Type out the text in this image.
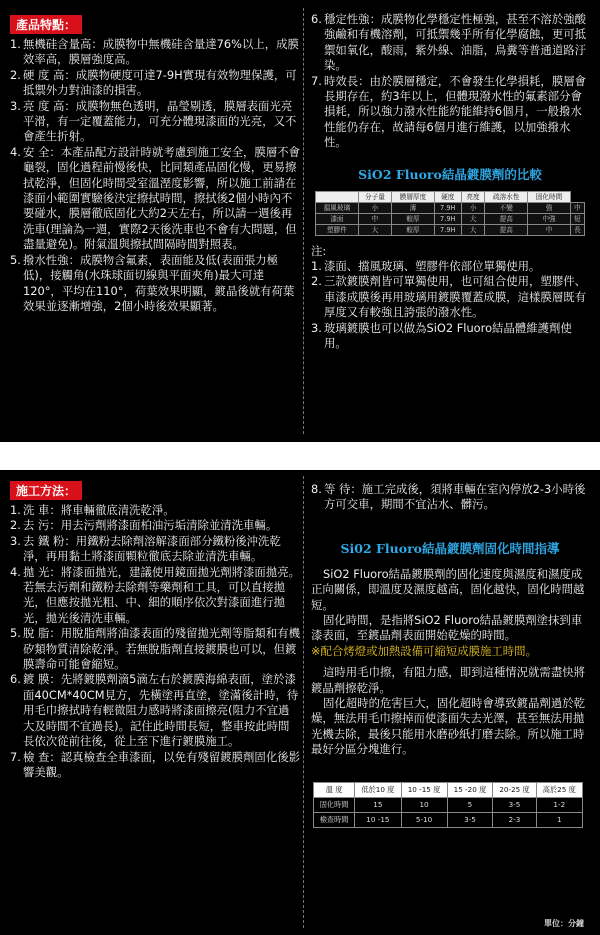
產品特點：
1. 無機硅含量高：成膜物中無機硅含量達76%以上，成膜效率高，膜層強度高。
2. 硬 度 高：成膜物硬度可達7-9H實現有效物理保護，可抵禦外力對油漆的損害。
3. 亮 度 高：成膜物無色透明，晶瑩剔透，膜層表面光亮平滑，有一定覆蓋能力，可充分體現漆面的光亮，又不會產生折射。
4. 安 全：本產品配方設計時就考慮到施工安全，膜層不會龜裂，固化過程前慢後快，比同類產品固化慢，更易擦拭乾淨，但固化時間受室溫溼度影響，所以施工前請在漆面小範圍實驗後決定擦拭時間，擦拭後2個小時內不要碰水，膜層徹底固化大約2天左右，所以請一週後再洗車(理論為一週，實際2天後洗車也不會有大問題，但盡量避免)。附氣溫與擦拭間隔時間對照表。
5. 撥水性強：成膜物含氟素，表面能及低(表面張力極低)，接觸角(水珠球面切線與平面夾角)最大可達120°，平均在110°，荷葉效果明顯，鍍晶後就有荷葉效果並逐漸增強，2個小時後效果顯著。
6. 穩定性強：成膜物化學穩定性極強，甚至不溶於強酸強鹼和有機溶劑，可抵禦幾乎所有化學腐蝕，更可抵禦如氧化，酸雨，紫外線、油脂，鳥糞等普通道路汙染。
7. 時效長：由於膜層穩定，不會發生化學損耗，膜層會長期存在，約3年以上，但體現潑水性的氟素部分會損耗，所以強力潑水性能約能維持6個月，一般撥水性能仍存在，故請每6個月進行維護，以加強撥水性。
SiO2 Fluoro結晶鍍膜劑的比較
	分子量	膜層厚度	硬度	亮度	疏溶水性	固化時間	
擋風玻璃	小	薄	7.9H	小	不變	強	中
漆面	中	較厚	7.9H	大	提高	中強	短
塑膠件	大	較厚	7.9H	大	提高	中	長
注:
1. 漆面、擋風玻璃、塑膠件依部位單獨使用。
2. 三款鍍膜劑皆可單獨使用，也可組合使用，塑膠件、車漆成膜後再用玻璃用鍍膜覆蓋成膜，這樣膜層既有厚度又有較強且誇張的潑水性。
3. 玻璃鍍膜也可以做為SiO2 Fluoro結晶體維護劑使用。
施工方法：
1. 洗 車：將車輛徹底清洗乾淨。
2. 去 污：用去污劑將漆面柏油污垢清除並清洗車輛。
3. 去 鐵 粉：用鐵粉去除劑溶解漆面部分鐵粉後沖洗乾淨，再用黏土將漆面顆粒徹底去除並清洗車輛。
4. 拋 光：將漆面拋光，建議使用鏡面拋光劑將漆面拋亮。若無去污劑和鐵粉去除劑等藥劑和工具，可以直接拋光，但應按拋光粗、中、細的順序依次對漆面進行拋光，拋光後清洗車輛。
5. 脫 脂：用脫脂劑將油漆表面的殘留拋光劑等脂類和有機矽類物質清除乾淨。若無脫脂劑直接鍍膜也可以，但鍍膜壽命可能會縮短。
6. 鍍 膜：先將鍍膜劑滴5滴左右於鍍膜海綿表面，塗於漆面40CM*40CM見方，先橫塗再直塗，塗滿後計時，待用毛巾擦拭時有輕微阻力感時將漆面擦亮(阻力不宜過大及時間不宜過長)。記住此時間長短，整車按此時間長依次從前往後，從上至下進行鍍膜施工。
7. 檢 查：認真檢查全車漆面，以免有殘留鍍膜劑固化後影響美觀。
8. 等 待：施工完成後，須將車輛在室內停放2-3小時後方可交車，期間不宜沾水、髒污。
Si02 Fluoro結晶鍍膜劑固化時間指導

SiO2 Fluoro結晶鍍膜劑的固化速度與濕度和濕度成正向關係，即溫度及濕度越高，固化越快，固化時間越短。

固化時間，是指將SiO2 Fluoro結晶鍍膜劑塗抹到車漆表面，至鍍晶劑表面開始乾燥的時間。

※配合烤燈或加熱設備可縮短成膜施工時間。

這時用毛巾擦，有阻力感，即到這種情況就需盡快將鍍晶劑擦乾淨。

固化超時的危害巨大，固化超時會導致鍍晶劑過於乾燥，無法用毛巾擦掉而使漆面失去光澤，甚至無法用拋光機去除，最後只能用水磨砂紙打磨去除。所以施工時最好分區分塊進行。

溫 度	低於10 度	10 -15 度	15 -20 度	20-25 度	高於25 度
固化時間	15	10	5	3-5	1-2
檢查時間	10 -15	5-10	3-5	2-3	1
單位：分鐘
